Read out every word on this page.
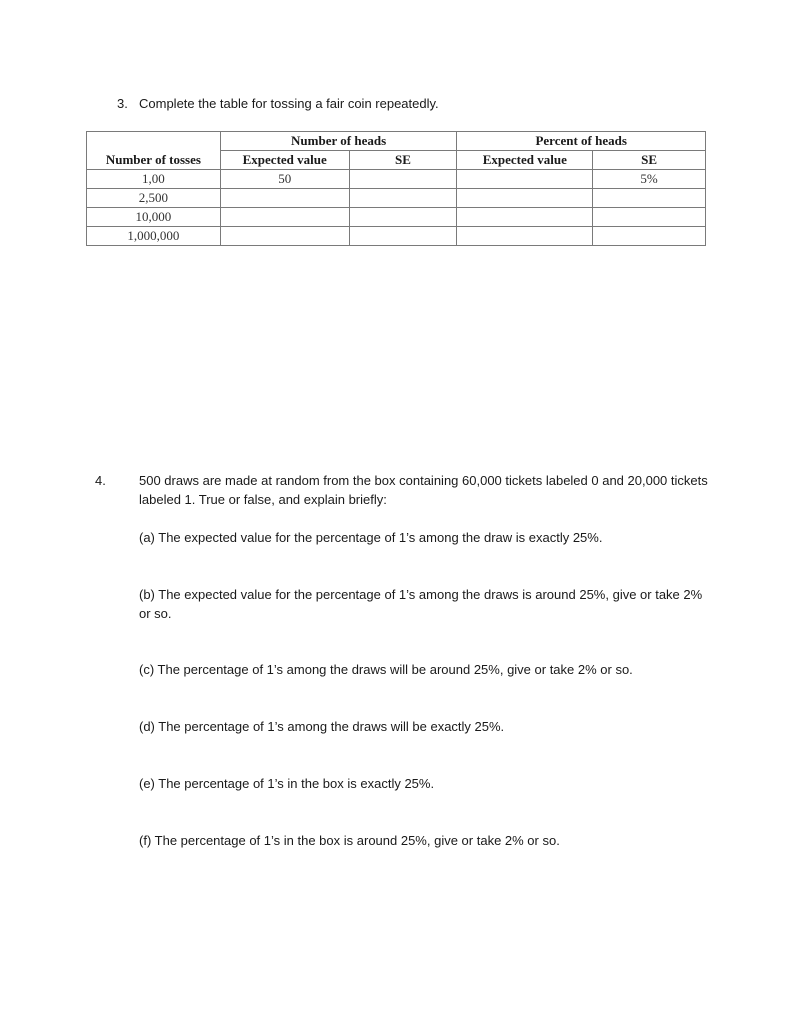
3. Complete the table for tossing a fair coin repeatedly.
	Number of heads		Percent of heads	
Number of tosses	Expected value	SE	Expected value	SE
1,00	50			5%
2,500				
10,000				
1,000,000				
4.	500 draws are made at random from the box containing 60,000 tickets labeled 0 and 20,000 tickets labeled 1. True or false, and explain briefly:
(a) The expected value for the percentage of 1’s among the draw is exactly 25%.
(b) The expected value for the percentage of 1’s among the draws is around 25%, give or take 2% or so.
(c) The percentage of 1’s among the draws will be around 25%, give or take 2% or so.
(d) The percentage of 1’s among the draws will be exactly 25%.
(e) The percentage of 1’s in the box is exactly 25%.
(f) The percentage of 1’s in the box is around 25%, give or take 2% or so.
